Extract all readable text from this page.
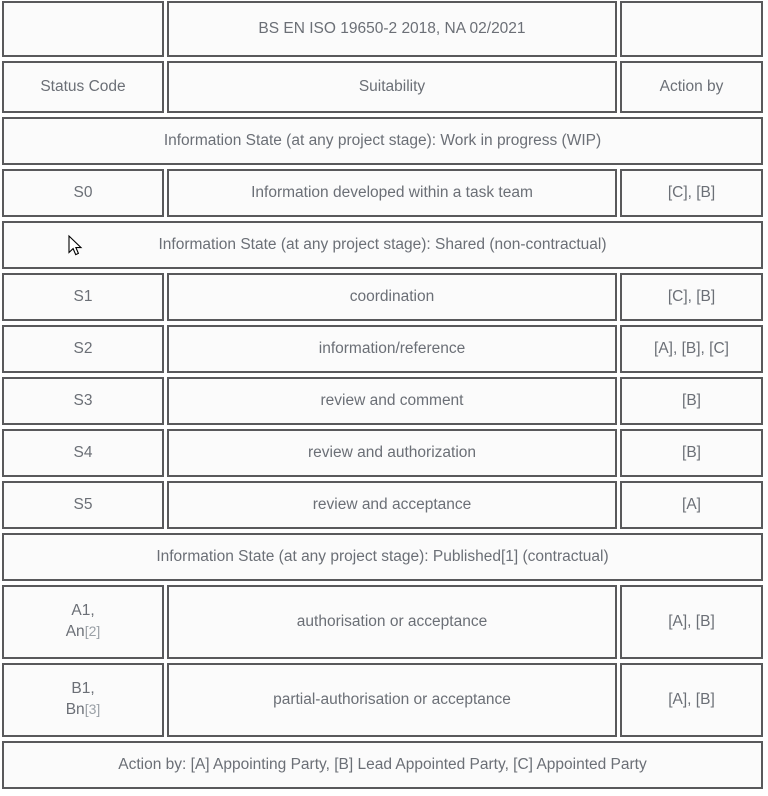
	BS EN ISO 19650-2 2018, NA 02/2021	
Status Code	Suitability	Action by
Information State (at any project stage): Work in progress (WIP)		

S0	Information developed within a task team	[C], [B]
Information State (at any project stage): Shared (non-contractual)		

S1	coordination	[C], [B]

S2	information/reference	[A], [B], [C]

S3	review and comment	[B]

S4	review and authorization	[B]

S5	review and acceptance	[A]
Information State (at any project stage): Published[1] (contractual)		

A1,
An[2]	authorisation or acceptance	[A], [B]

B1,
Bn[3]	partial-authorisation or acceptance	[A], [B]
Action by: [A] Appointing Party, [B] Lead Appointed Party, [C] Appointed Party		
